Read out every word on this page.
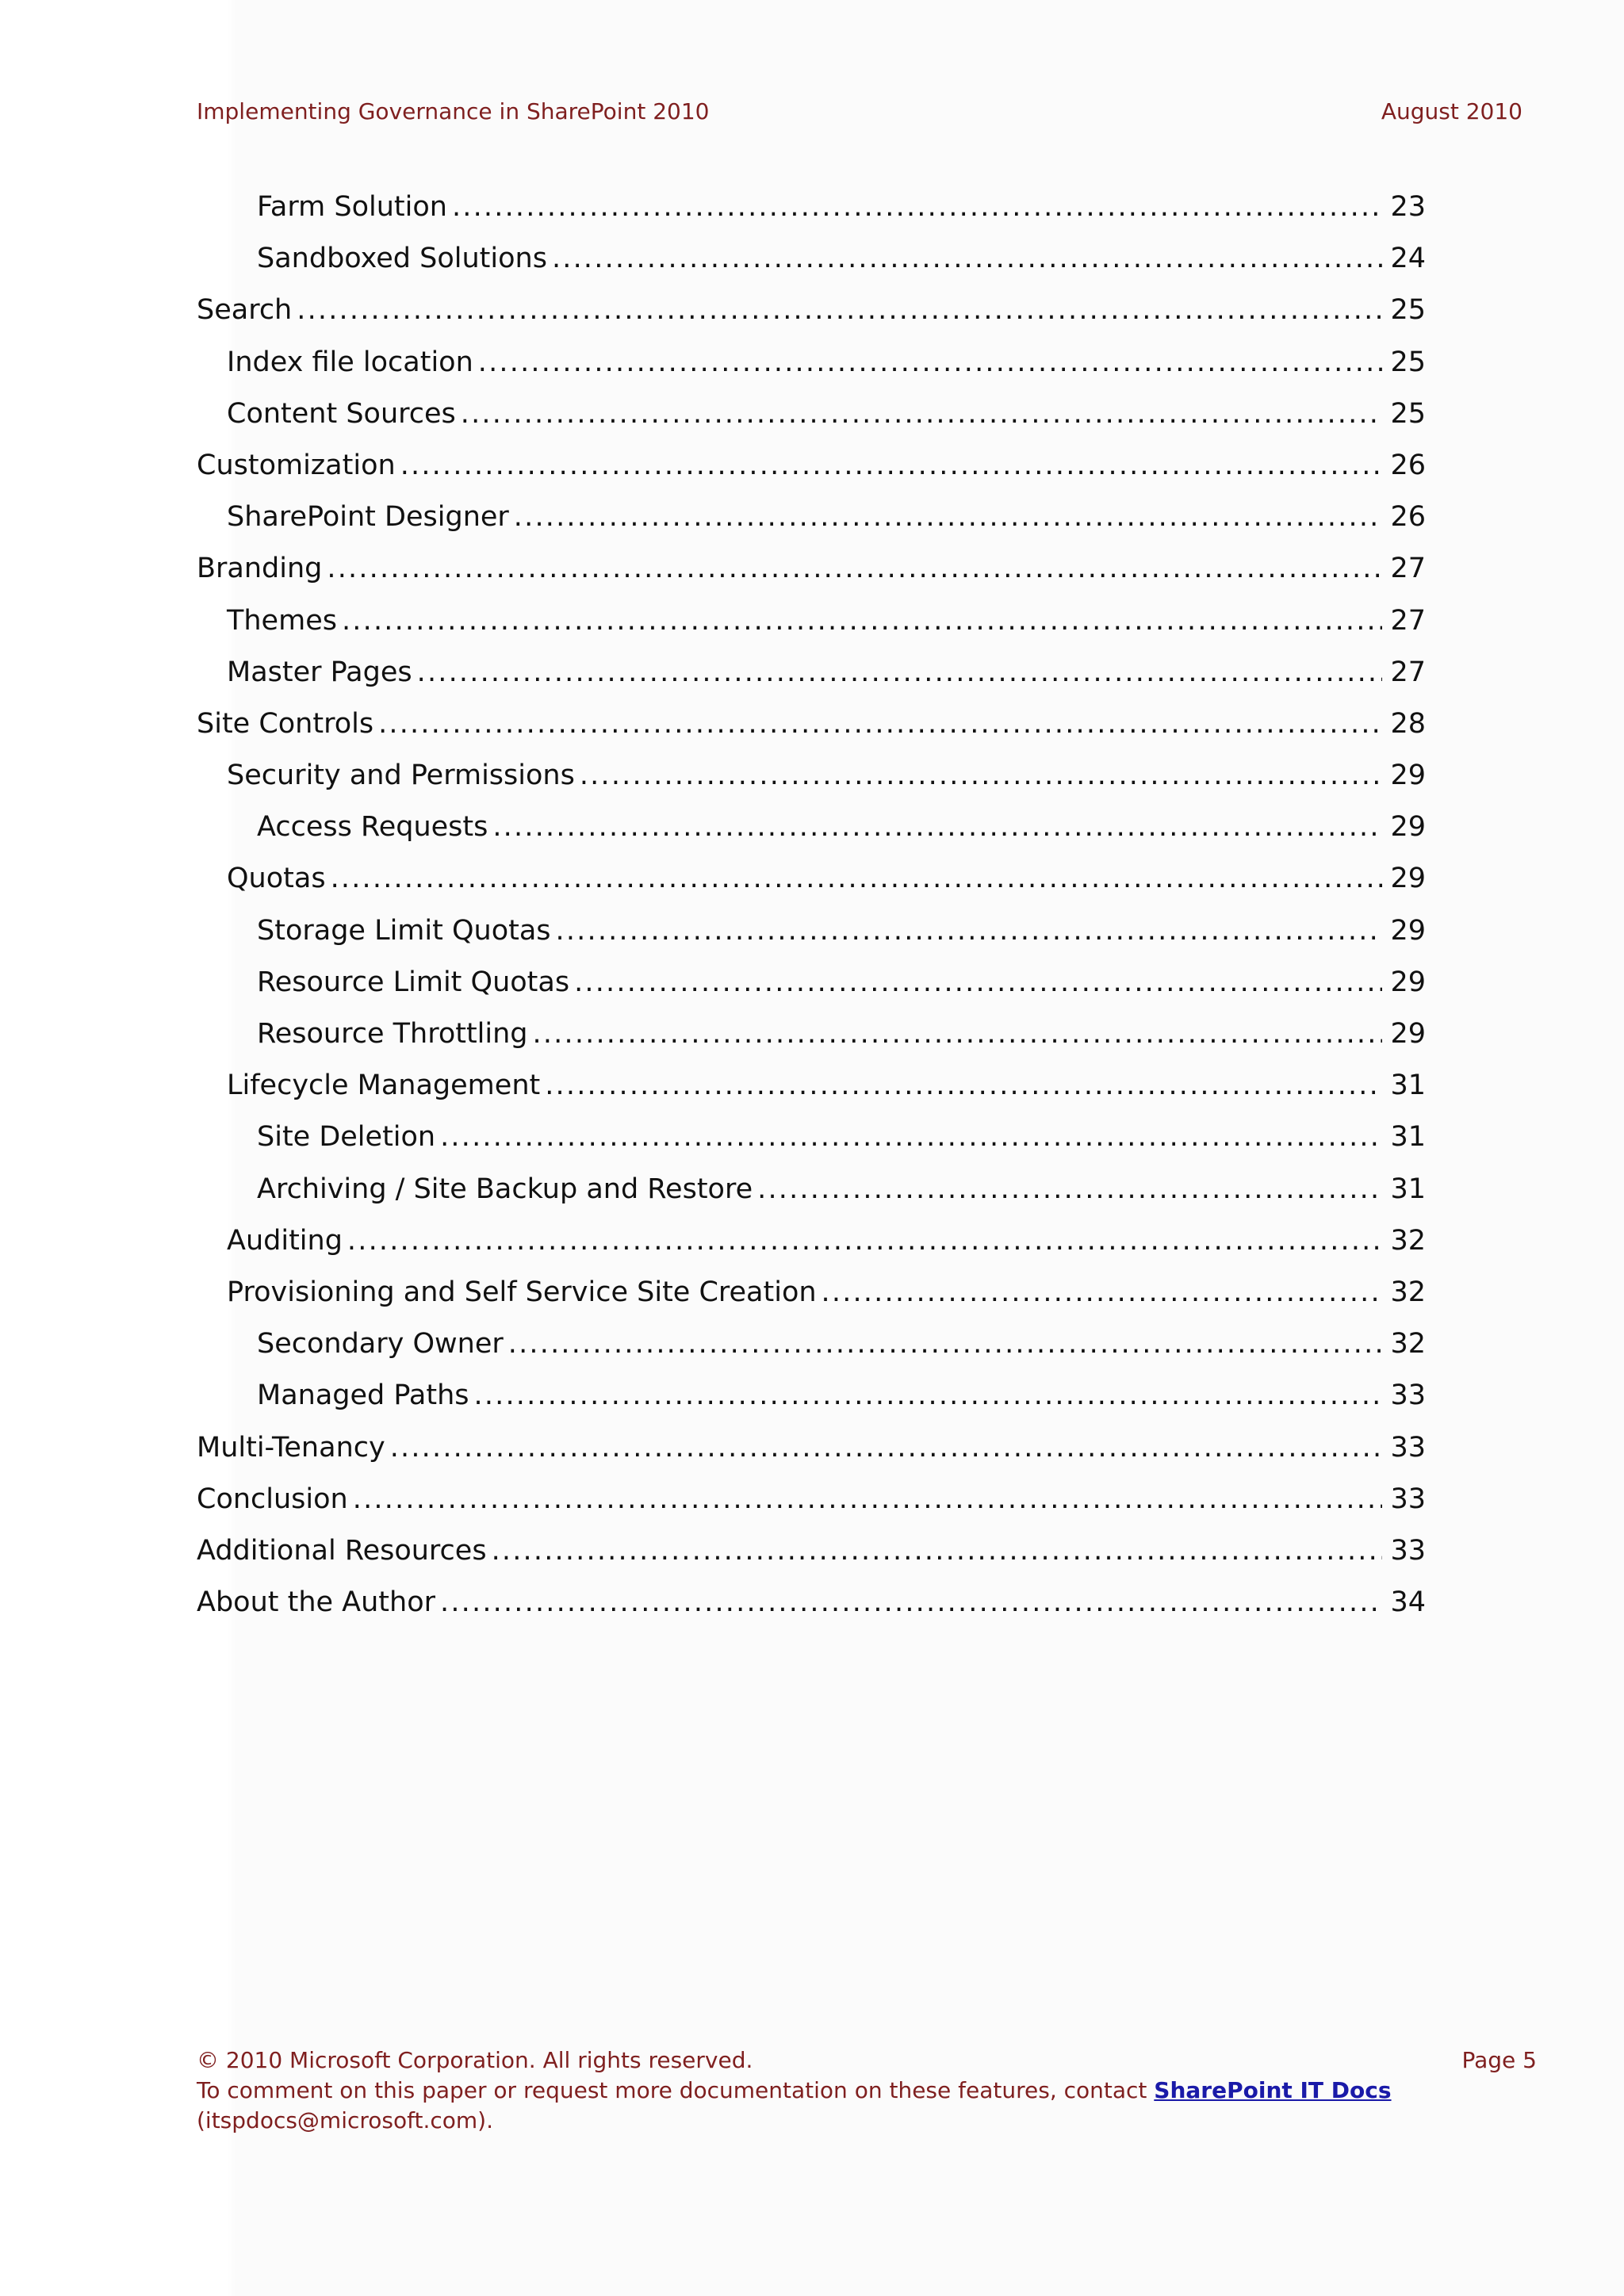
Implementing Governance in SharePoint 2010	August 2010
Farm Solution .....	23
Sandboxed Solutions .....	24
Search .....	25
Index file location .....	25
Content Sources .....	25
Customization .....	26
SharePoint Designer .....	26
Branding .....	27
Themes .....	27
Master Pages .....	27
Site Controls .....	28
Security and Permissions .....	29
Access Requests .....	29
Quotas .....	29
Storage Limit Quotas .....	29
Resource Limit Quotas .....	29
Resource Throttling .....	29
Lifecycle Management .....	31
Site Deletion .....	31
Archiving / Site Backup and Restore .....	31
Auditing .....	32
Provisioning and Self Service Site Creation .....	32
Secondary Owner .....	32
Managed Paths .....	33
Multi-Tenancy .....	33
Conclusion .....	33
Additional Resources .....	33
About the Author .....	34
© 2010 Microsoft Corporation. All rights reserved.	Page 5
To comment on this paper or request more documentation on these features, contact SharePoint IT Docs
(itspdocs@microsoft.com).
